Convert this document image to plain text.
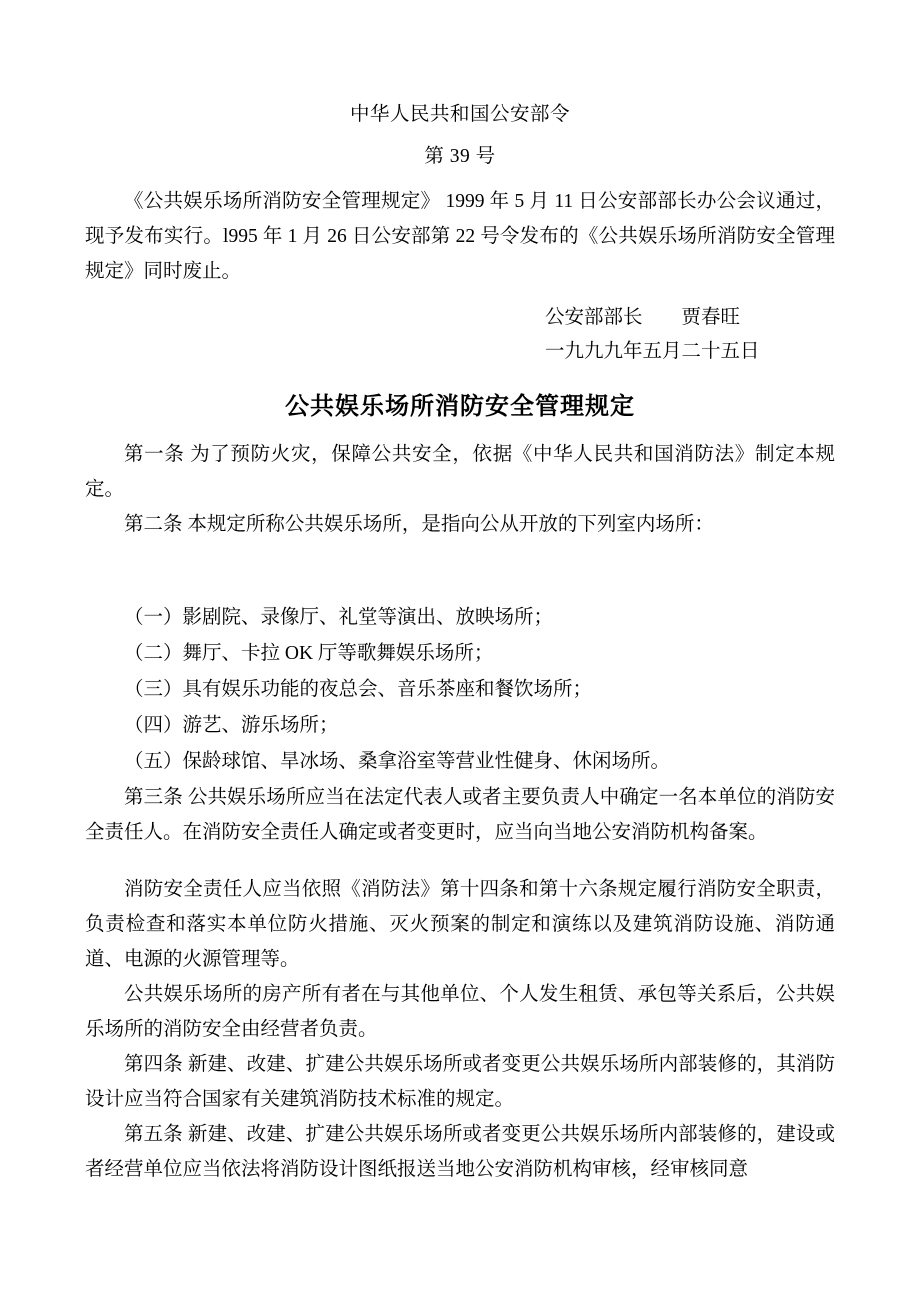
中华人民共和国公安部令
第 39 号

《公共娱乐场所消防安全管理规定》 1999 年 5 月 11 日公安部部长办公会议通过，现予发布实行。l995 年 1 月 26 日公安部第 22 号令发布的《公共娱乐场所消防安全管理规定》同时废止。

公安部部长　　贾春旺
一九九九年五月二十五日
公共娱乐场所消防安全管理规定

第一条 为了预防火灾，保障公共安全，依据《中华人民共和国消防法》制定本规定。

第二条 本规定所称公共娱乐场所，是指向公从开放的下列室内场所：

（一）影剧院、录像厅、礼堂等演出、放映场所；

（二）舞厅、卡拉 OK 厅等歌舞娱乐场所；

（三）具有娱乐功能的夜总会、音乐茶座和餐饮场所；

（四）游艺、游乐场所；

（五）保龄球馆、旱冰场、桑拿浴室等营业性健身、休闲场所。

第三条 公共娱乐场所应当在法定代表人或者主要负责人中确定一名本单位的消防安全责任人。在消防安全责任人确定或者变更时，应当向当地公安消防机构备案。

消防安全责任人应当依照《消防法》第十四条和第十六条规定履行消防安全职责，负责检查和落实本单位防火措施、灭火预案的制定和演练以及建筑消防设施、消防通道、电源的火源管理等。

公共娱乐场所的房产所有者在与其他单位、个人发生租赁、承包等关系后，公共娱乐场所的消防安全由经营者负责。

第四条 新建、改建、扩建公共娱乐场所或者变更公共娱乐场所内部装修的，其消防设计应当符合国家有关建筑消防技术标准的规定。

第五条 新建、改建、扩建公共娱乐场所或者变更公共娱乐场所内部装修的，建设或者经营单位应当依法将消防设计图纸报送当地公安消防机构审核，经审核同意
